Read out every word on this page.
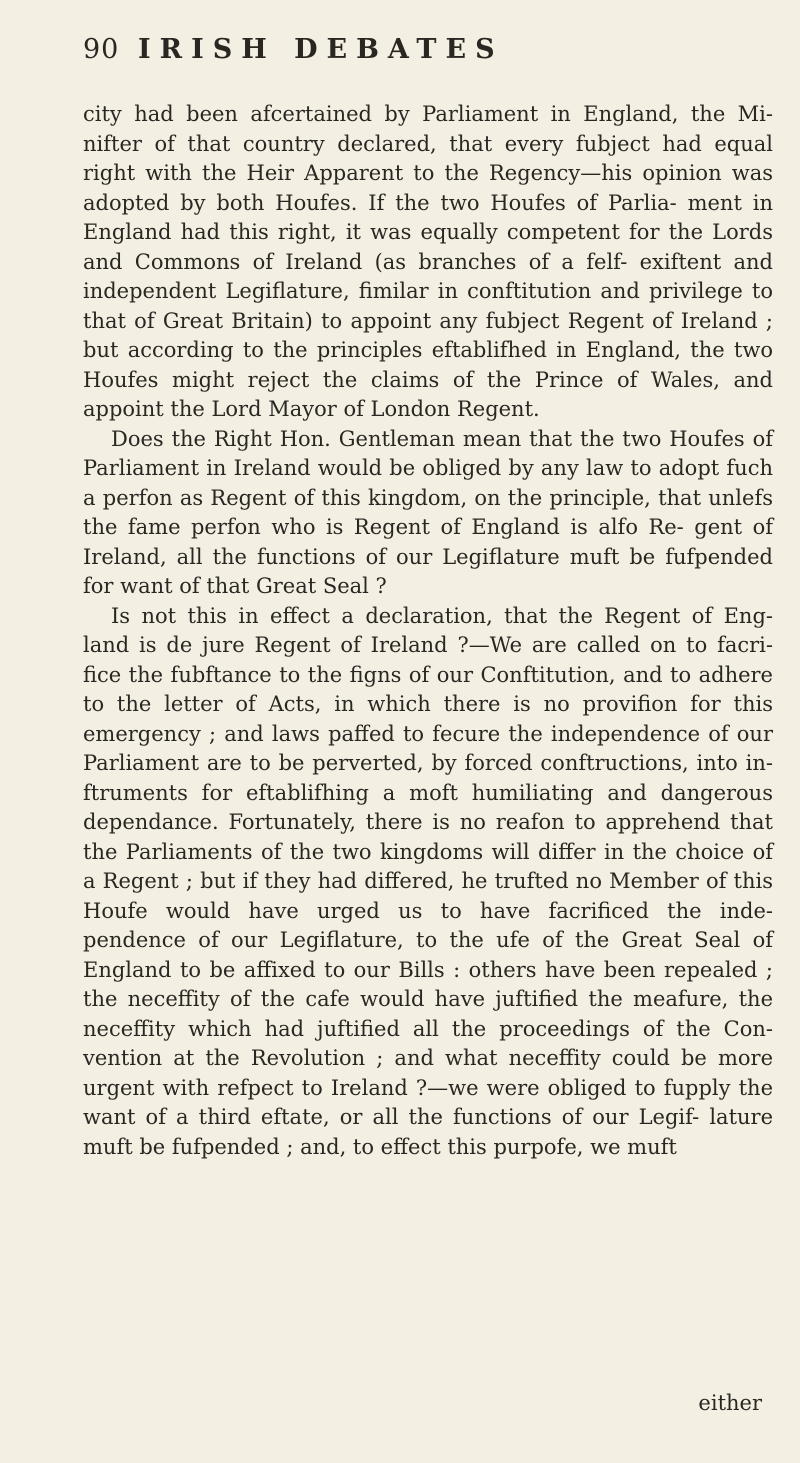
90 IRISH DEBATES

city had been afcertained by Parliament in England, the Mi- nifter of that country declared, that every fubject had equal right with the Heir Apparent to the Regency—his opinion was adopted by both Houfes. If the two Houfes of Parlia- ment in England had this right, it was equally competent for the Lords and Commons of Ireland (as branches of a felf- exiftent and independent Legiflature, fimilar in conftitution and privilege to that of Great Britain) to appoint any fubject Regent of Ireland ; but according to the principles eftablifhed in England, the two Houfes might reject the claims of the Prince of Wales, and appoint the Lord Mayor of London Regent.

Does the Right Hon. Gentleman mean that the two Houfes of Parliament in Ireland would be obliged by any law to adopt fuch a perfon as Regent of this kingdom, on the principle, that unlefs the fame perfon who is Regent of England is alfo Re- gent of Ireland, all the functions of our Legiflature muft be fufpended for want of that Great Seal ?

Is not this in effect a declaration, that the Regent of Eng- land is de jure Regent of Ireland ?—We are called on to facri- fice the fubftance to the figns of our Conftitution, and to adhere to the letter of Acts, in which there is no provifion for this emergency ; and laws paffed to fecure the independence of our Parliament are to be perverted, by forced conftructions, into in- ftruments for eftablifhing a moft humiliating and dangerous dependance. Fortunately, there is no reafon to apprehend that the Parliaments of the two kingdoms will differ in the choice of a Regent ; but if they had differed, he trufted no Member of this Houfe would have urged us to have facrificed the inde- pendence of our Legiflature, to the ufe of the Great Seal of England to be affixed to our Bills : others have been repealed ; the neceffity of the cafe would have juftified the meafure, the neceffity which had juftified all the proceedings of the Con- vention at the Revolution ; and what neceffity could be more urgent with refpect to Ireland ?—we were obliged to fupply the want of a third eftate, or all the functions of our Legif- lature muft be fufpended ; and, to effect this purpofe, we muft

either
